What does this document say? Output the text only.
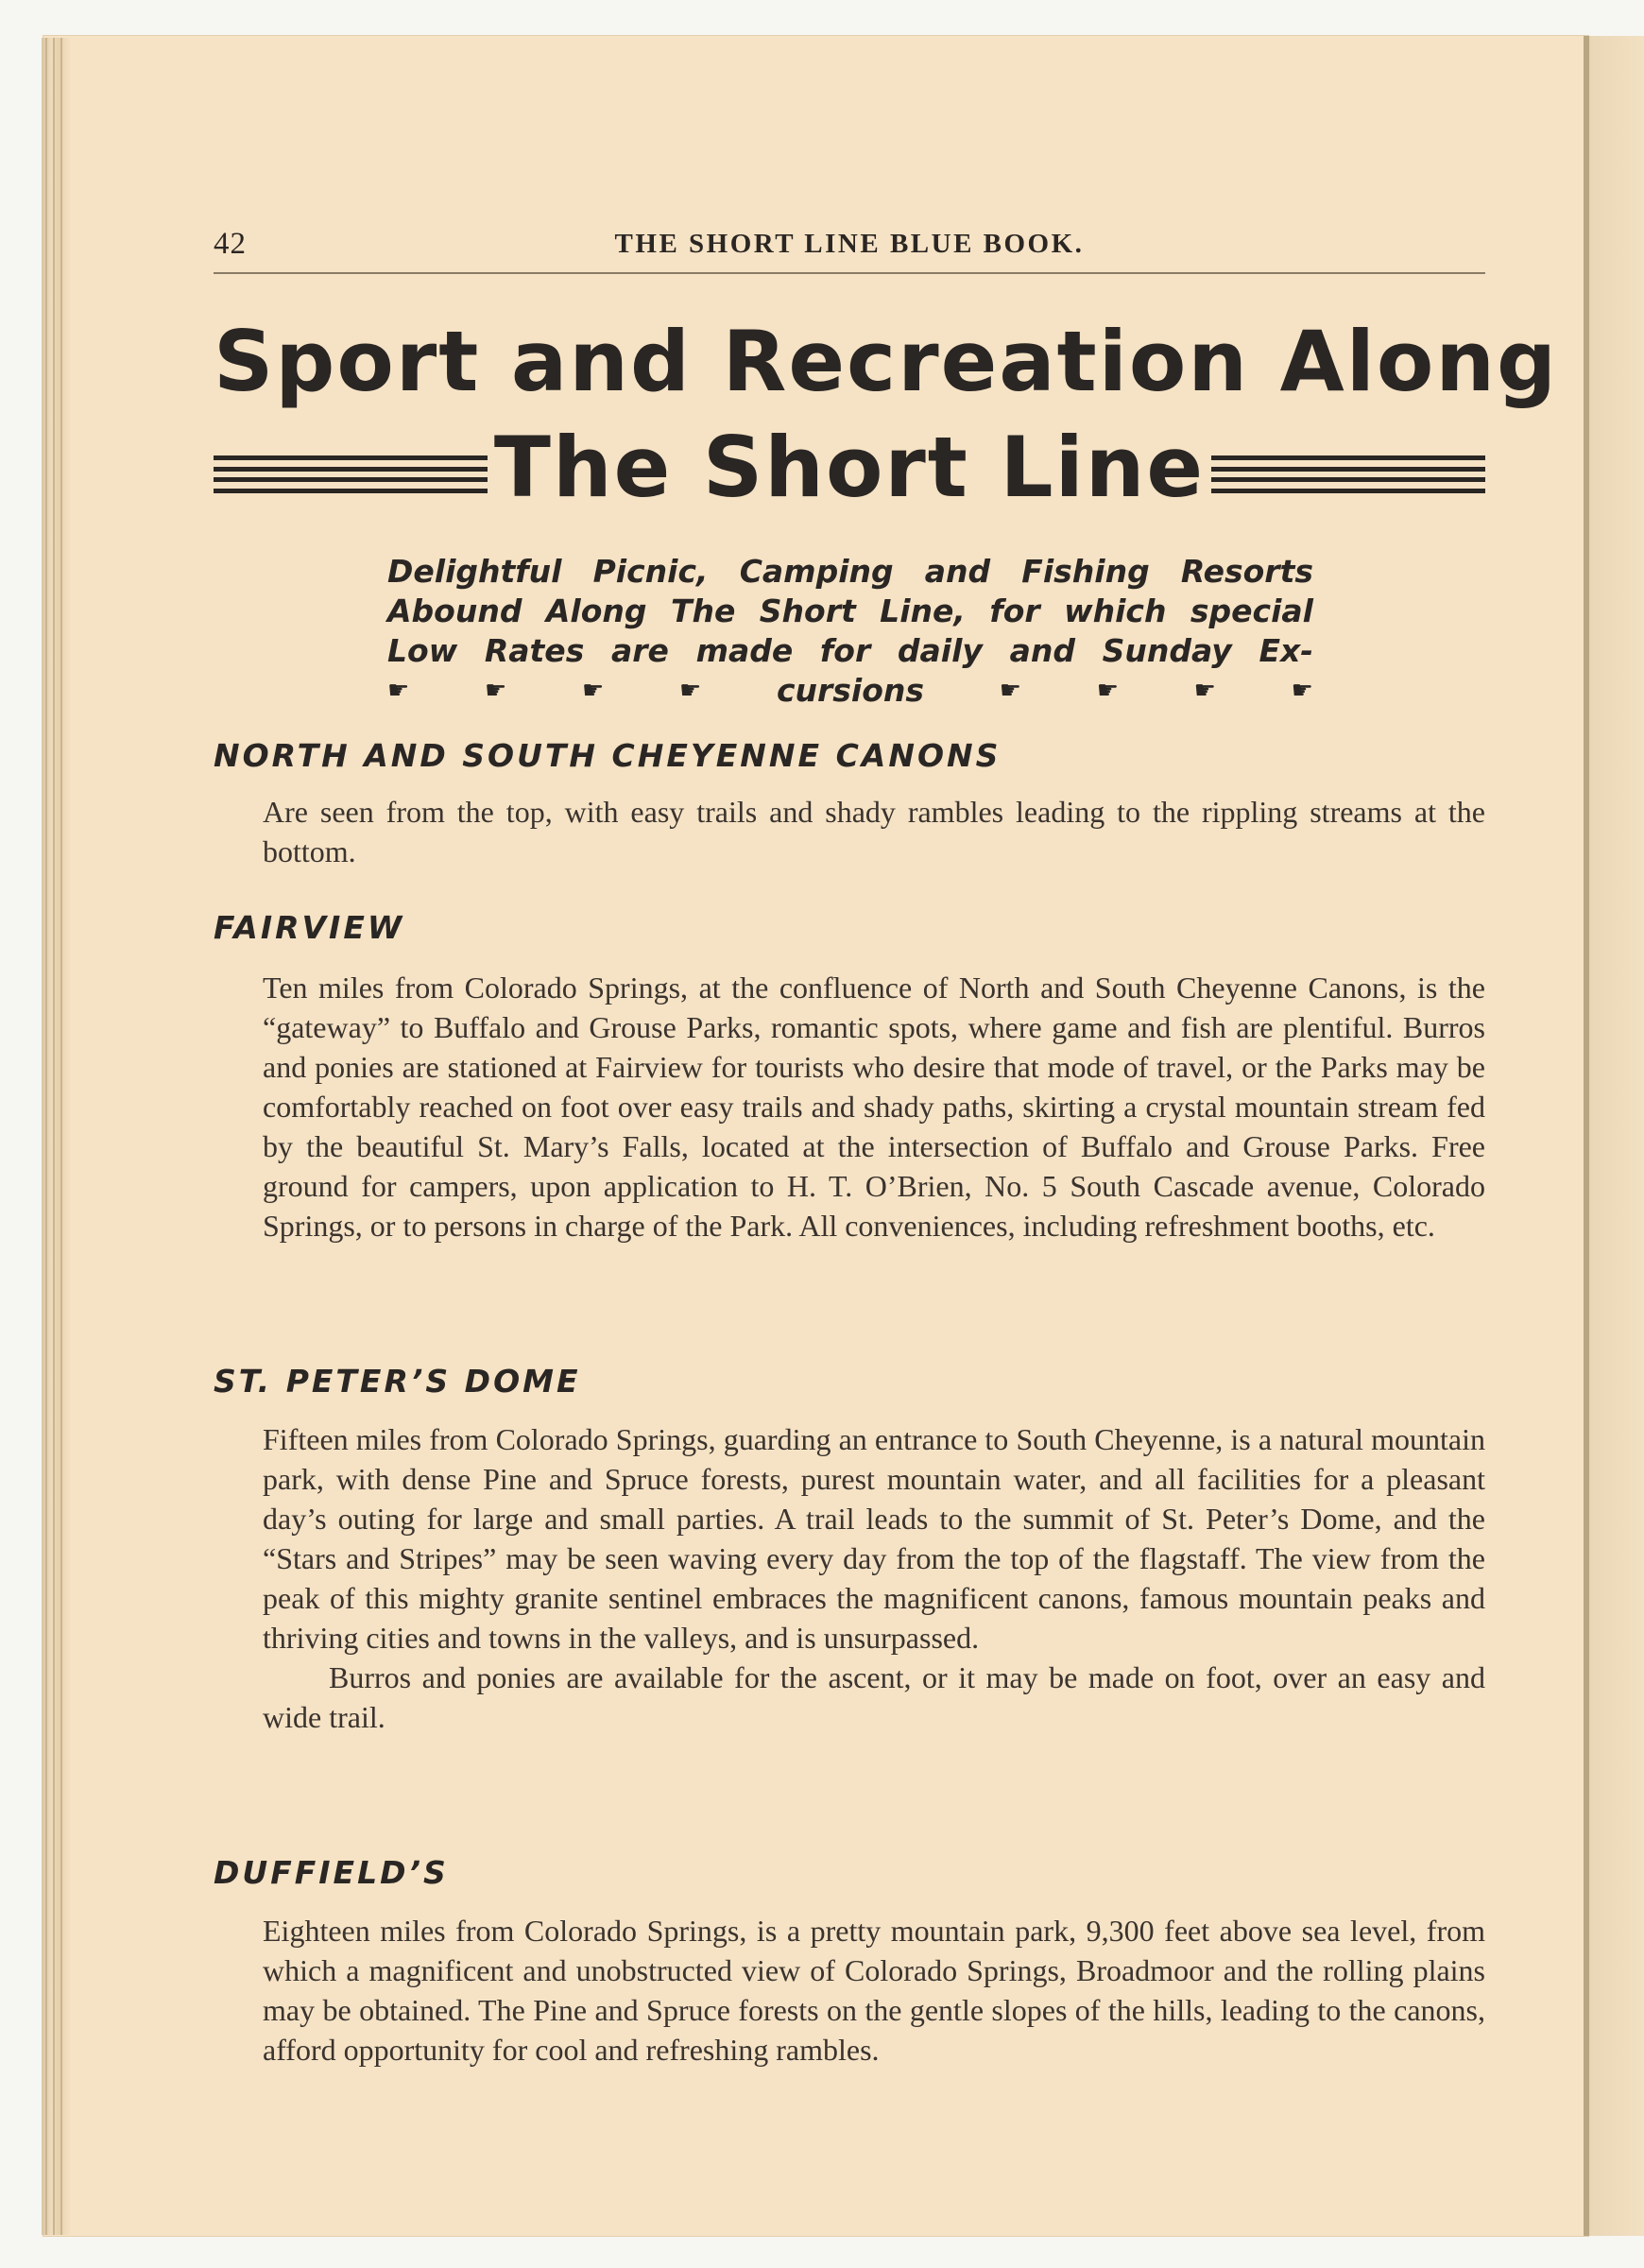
42	THE SHORT LINE BLUE BOOK.
Sport and Recreation Along
The Short Line
Delightful Picnic, Camping and Fishing Resorts
Abound Along The Short Line, for which special
Low Rates are made for daily and Sunday Ex-
☛	☛	☛	☛ cursions	☛	☛	☛	☛
NORTH AND SOUTH CHEYENNE CANONS

Are seen from the top, with easy trails and shady rambles leading to the rippling streams at the bottom.

FAIRVIEW

Ten miles from Colorado Springs, at the confluence of North and South Cheyenne Canons, is the “gateway” to Buffalo and Grouse Parks, romantic spots, where game and fish are plentiful. Burros and ponies are stationed at Fairview for tourists who desire that mode of travel, or the Parks may be comfortably reached on foot over easy trails and shady paths, skirting a crystal mountain stream fed by the beautiful St. Mary’s Falls, located at the intersection of Buffalo and Grouse Parks. Free ground for campers, upon application to H. T. O’Brien, No. 5 South Cascade avenue, Colorado Springs, or to persons in charge of the Park. All conveniences, including refreshment booths, etc.

ST. PETER’S DOME

Fifteen miles from Colorado Springs, guarding an entrance to South Cheyenne, is a natural mountain park, with dense Pine and Spruce forests, purest mountain water, and all facilities for a pleasant day’s outing for large and small parties. A trail leads to the summit of St. Peter’s Dome, and the “Stars and Stripes” may be seen waving every day from the top of the flagstaff. The view from the peak of this mighty granite sentinel embraces the magnificent canons, famous mountain peaks and thriving cities and towns in the valleys, and is unsurpassed.

Burros and ponies are available for the ascent, or it may be made on foot, over an easy and wide trail.

DUFFIELD’S

Eighteen miles from Colorado Springs, is a pretty mountain park, 9,300 feet above sea level, from which a magnificent and unobstructed view of Colorado Springs, Broadmoor and the rolling plains may be obtained. The Pine and Spruce forests on the gentle slopes of the hills, leading to the canons, afford opportunity for cool and refreshing rambles.
